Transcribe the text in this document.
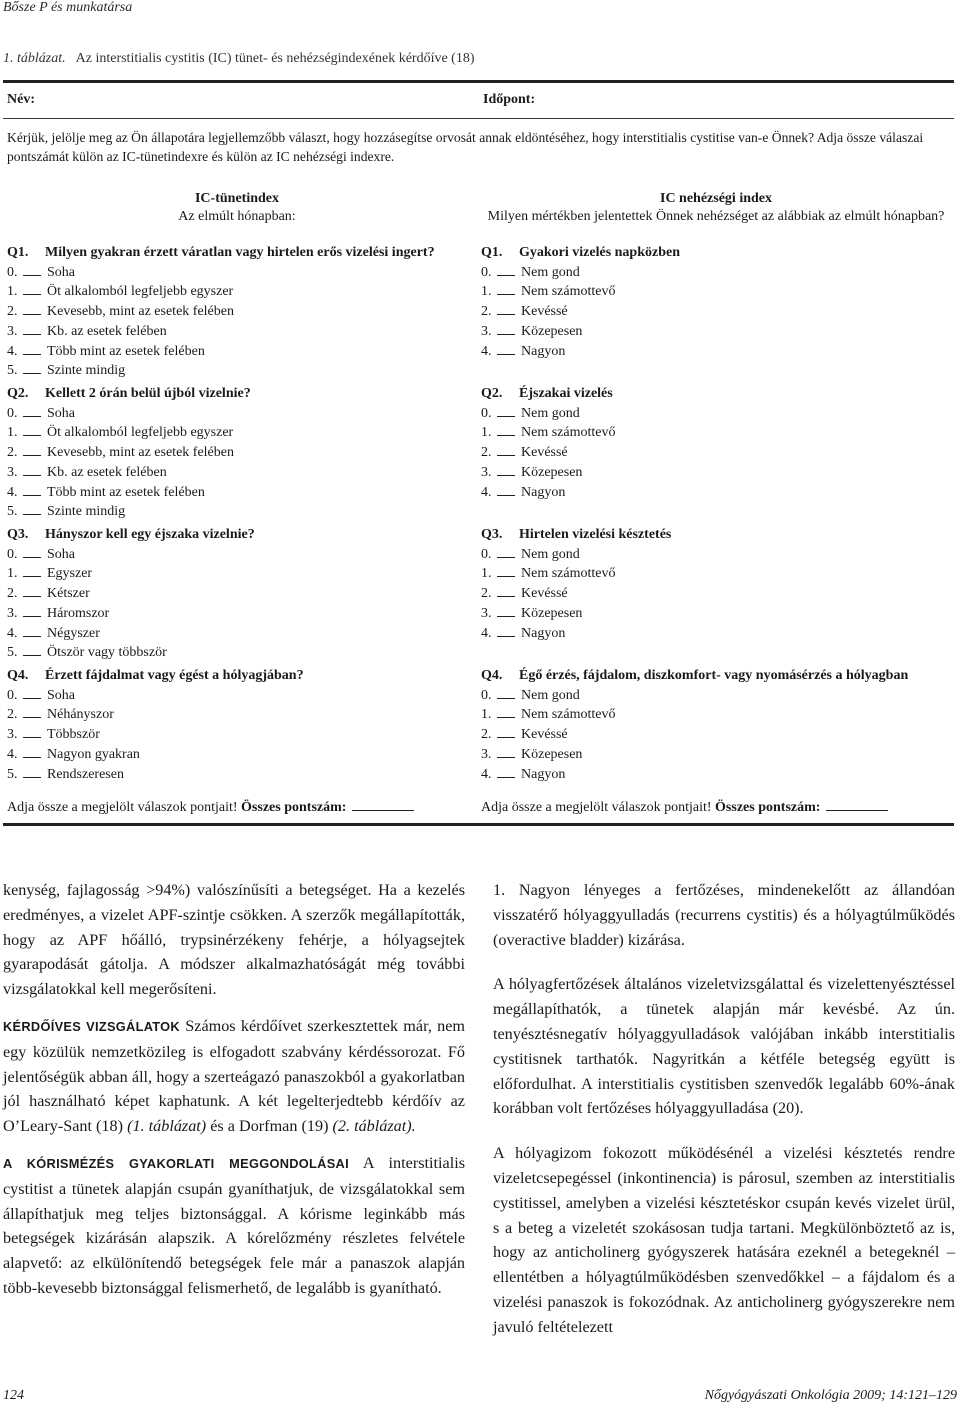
Bősze P és munkatársa
1. táblázat. Az interstitialis cystitis (IC) tünet- és nehézségindexének kérdőíve (18)
Név:	Időpont:
Kérjük, jelölje meg az Ön állapotára legjellemzőbb választ, hogy hozzásegítse orvosát annak eldöntéséhez, hogy interstitialis cystitise van-e Önnek? Adja össze válaszai pontszámát külön az IC-tünetindexre és külön az IC nehézségi indexre.
IC-tünetindex
Az elmúlt hónapban:
Q1. Milyen gyakran érzett váratlan vagy hirtelen erős vizelési ingert?
0. Soha
1. Öt alkalomból legfeljebb egyszer
2. Kevesebb, mint az esetek felében
3. Kb. az esetek felében
4. Több mint az esetek felében
5. Szinte mindig
Q2. Kellett 2 órán belül újból vizelnie?
0. Soha
1. Öt alkalomból legfeljebb egyszer
2. Kevesebb, mint az esetek felében
3. Kb. az esetek felében
4. Több mint az esetek felében
5. Szinte mindig
Q3. Hányszor kell egy éjszaka vizelnie?
0. Soha
1. Egyszer
2. Kétszer
3. Háromszor
4. Négyszer
5. Ötször vagy többször
Q4. Érzett fájdalmat vagy égést a hólyagjában?
0. Soha
2. Néhányszor
3. Többször
4. Nagyon gyakran
5. Rendszeresen
Adja össze a megjelölt válaszok pontjait! Összes pontszám:
IC nehézségi index
Milyen mértékben jelentettek Önnek nehézséget az alábbiak az elmúlt hónapban?
Q1. Gyakori vizelés napközben
0. Nem gond
1. Nem számottevő
2. Kevéssé
3. Közepesen
4. Nagyon
Q2. Éjszakai vizelés
0. Nem gond
1. Nem számottevő
2. Kevéssé
3. Közepesen
4. Nagyon
Q3. Hirtelen vizelési késztetés
0. Nem gond
1. Nem számottevő
2. Kevéssé
3. Közepesen
4. Nagyon
Q4. Égő érzés, fájdalom, diszkomfort- vagy nyomásérzés a hólyagban
0. Nem gond
1. Nem számottevő
2. Kevéssé
3. Közepesen
4. Nagyon
Adja össze a megjelölt válaszok pontjait! Összes pontszám:

kenység, fajlagosság >94%) valószínűsíti a betegséget. Ha a kezelés eredményes, a vizelet APF-szintje csökken. A szerzők megállapították, hogy az APF hőálló, trypsinérzékeny fehérje, a hólyagsejtek gyarapodását gátolja. A módszer alkalmazhatóságát még további vizsgálatokkal kell megerősíteni.

KÉRDŐÍVES VIZSGÁLATOK Számos kérdőívet szerkesztettek már, nem egy közülük nemzetközileg is elfogadott szabvány kérdéssorozat. Fő jelentőségük abban áll, hogy a szerteágazó panaszokból a gyakorlatban jól használható képet kaphatunk. A két legelterjedtebb kérdőív az O’Leary-Sant (18) (1. táblázat) és a Dorfman (19) (2. táblázat).

A KÓRISMÉZÉS GYAKORLATI MEGGONDOLÁSAI A interstitialis cystitist a tünetek alapján csupán gyaníthatjuk, de vizsgálatokkal sem állapíthatjuk meg teljes biztonsággal. A kórisme leginkább más betegségek kizárásán alapszik. A kórelőzmény részletes felvétele alapvető: az elkülönítendő betegségek fele már a panaszok alapján több-kevesebb biztonsággal felismerhető, de legalább is gyanítható.

1. Nagyon lényeges a fertőzéses, mindenekelőtt az állandóan visszatérő hólyaggyulladás (recurrens cystitis) és a hólyagtúlműködés (overactive bladder) kizárása.

A hólyagfertőzések általános vizeletvizsgálattal és vizelettenyésztéssel megállapíthatók, a tünetek alapján már kevésbé. Az ún. tenyésztésnegatív hólyaggyulladások valójában inkább interstitialis cystitisnek tarthatók. Nagyritkán a kétféle betegség együtt is előfordulhat. A interstitialis cystitisben szenvedők legalább 60%-ának korábban volt fertőzéses hólyaggyulladása (20).

A hólyagizom fokozott működésénél a vizelési késztetés rendre vizeletcsepegéssel (inkontinencia) is párosul, szemben az interstitialis cystitissel, amelyben a vizelési késztetéskor csupán kevés vizelet ürül, s a beteg a vizeletét szokásosan tudja tartani. Megkülönböztető az is, hogy az anticholinerg gyógyszerek hatására ezeknél a betegeknél – ellentétben a hólyagtúlműködésben szenvedőkkel – a fájdalom és a vizelési panaszok is fokozódnak. Az anticholinerg gyógyszerekre nem javuló feltételezett

124	Nőgyógyászati Onkológia 2009; 14:121–129
